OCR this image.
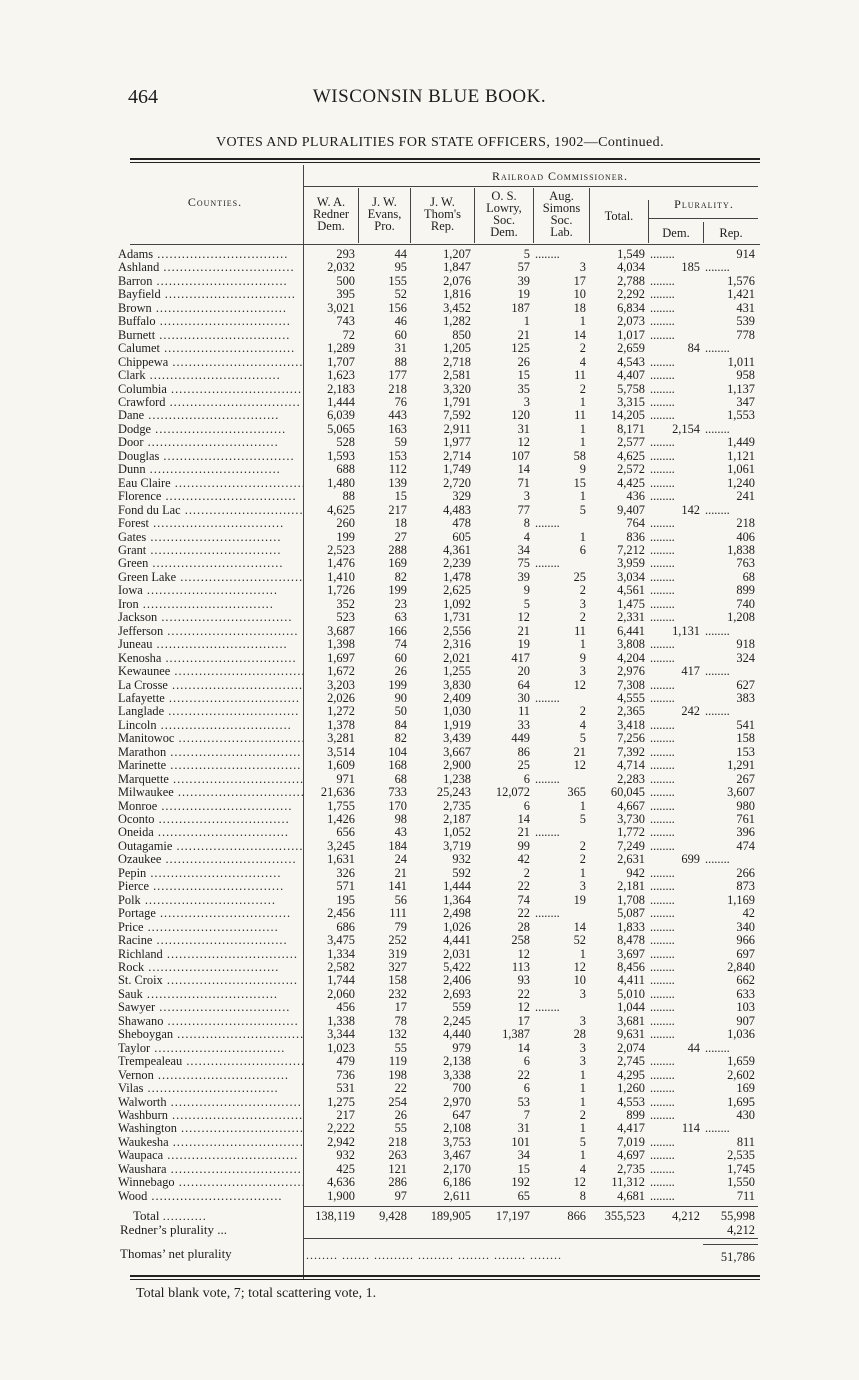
464	WISCONSIN BLUE BOOK.
VOTES AND PLURALITIES FOR STATE OFFICERS, 1902—Continued.
Railroad Commissioner.
Counties.	W. A.
Redner
Dem.
J. W.
Evans,
Pro.
J. W.
Thom's
Rep.
O. S.
Lowry,
Soc.
Dem.
Aug.
Simons
Soc.
Lab.
Total.
Plurality.
Dem.	Rep.
Adams .....	293	44	1,207	5	........	1,549	........	914
Ashland .....	2,032	95	1,847	57	3	4,034	185	........
Barron .....	500	155	2,076	39	17	2,788	........	1,576
Bayfield .....	395	52	1,816	19	10	2,292	........	1,421
Brown .....	3,021	156	3,452	187	18	6,834	........	431
Buffalo .....	743	46	1,282	1	1	2,073	........	539
Burnett .....	72	60	850	21	14	1,017	........	778
Calumet .....	1,289	31	1,205	125	2	2,659	84	........
Chippewa .....	1,707	88	2,718	26	4	4,543	........	1,011
Clark .....	1,623	177	2,581	15	11	4,407	........	958
Columbia .....	2,183	218	3,320	35	2	5,758	........	1,137
Crawford .....	1,444	76	1,791	3	1	3,315	........	347
Dane .....	6,039	443	7,592	120	11	14,205	........	1,553
Dodge .....	5,065	163	2,911	31	1	8,171	2,154	........
Door .....	528	59	1,977	12	1	2,577	........	1,449
Douglas .....	1,593	153	2,714	107	58	4,625	........	1,121
Dunn .....	688	112	1,749	14	9	2,572	........	1,061
Eau Claire .....	1,480	139	2,720	71	15	4,425	........	1,240
Florence .....	88	15	329	3	1	436	........	241
Fond du Lac .....	4,625	217	4,483	77	5	9,407	142	........
Forest .....	260	18	478	8	........	764	........	218
Gates .....	199	27	605	4	1	836	........	406
Grant .....	2,523	288	4,361	34	6	7,212	........	1,838
Green .....	1,476	169	2,239	75	........	3,959	........	763
Green Lake .....	1,410	82	1,478	39	25	3,034	........	68
Iowa .....	1,726	199	2,625	9	2	4,561	........	899
Iron .....	352	23	1,092	5	3	1,475	........	740
Jackson .....	523	63	1,731	12	2	2,331	........	1,208
Jefferson .....	3,687	166	2,556	21	11	6,441	1,131	........
Juneau .....	1,398	74	2,316	19	1	3,808	........	918
Kenosha .....	1,697	60	2,021	417	9	4,204	........	324
Kewaunee .....	1,672	26	1,255	20	3	2,976	417	........
La Crosse .....	3,203	199	3,830	64	12	7,308	........	627
Lafayette .....	2,026	90	2,409	30	........	4,555	........	383
Langlade .....	1,272	50	1,030	11	2	2,365	242	........
Lincoln .....	1,378	84	1,919	33	4	3,418	........	541
Manitowoc .....	3,281	82	3,439	449	5	7,256	........	158
Marathon .....	3,514	104	3,667	86	21	7,392	........	153
Marinette .....	1,609	168	2,900	25	12	4,714	........	1,291
Marquette .....	971	68	1,238	6	........	2,283	........	267
Milwaukee .....	21,636	733	25,243	12,072	365	60,045	........	3,607
Monroe .....	1,755	170	2,735	6	1	4,667	........	980
Oconto .....	1,426	98	2,187	14	5	3,730	........	761
Oneida .....	656	43	1,052	21	........	1,772	........	396
Outagamie .....	3,245	184	3,719	99	2	7,249	........	474
Ozaukee .....	1,631	24	932	42	2	2,631	699	........
Pepin .....	326	21	592	2	1	942	........	266
Pierce .....	571	141	1,444	22	3	2,181	........	873
Polk .....	195	56	1,364	74	19	1,708	........	1,169
Portage .....	2,456	111	2,498	22	........	5,087	........	42
Price .....	686	79	1,026	28	14	1,833	........	340
Racine .....	3,475	252	4,441	258	52	8,478	........	966
Richland .....	1,334	319	2,031	12	1	3,697	........	697
Rock .....	2,582	327	5,422	113	12	8,456	........	2,840
St. Croix .....	1,744	158	2,406	93	10	4,411	........	662
Sauk .....	2,060	232	2,693	22	3	5,010	........	633
Sawyer .....	456	17	559	12	........	1,044	........	103
Shawano .....	1,338	78	2,245	17	3	3,681	........	907
Sheboygan .....	3,344	132	4,440	1,387	28	9,631	........	1,036
Taylor .....	1,023	55	979	14	3	2,074	44	........
Trempealeau .....	479	119	2,138	6	3	2,745	........	1,659
Vernon .....	736	198	3,338	22	1	4,295	........	2,602
Vilas .....	531	22	700	6	1	1,260	........	169
Walworth .....	1,275	254	2,970	53	1	4,553	........	1,695
Washburn .....	217	26	647	7	2	899	........	430
Washington .....	2,222	55	2,108	31	1	4,417	114	........
Waukesha .....	2,942	218	3,753	101	5	7,019	........	811
Waupaca .....	932	263	3,467	34	1	4,697	........	2,535
Waushara .....	425	121	2,170	15	4	2,735	........	1,745
Winnebago .....	4,636	286	6,186	192	12	11,312	........	1,550
Wood .....	1,900	97	2,611	65	8	4,681	........	711
Total ...........	138,119	9,428	189,905	17,197	866	355,523	4,212	55,998
Redner’s plurality ...	4,212
Thomas’ net plurality	........ ....... .......... ......... ........ ........ ........	51,786
Total blank vote, 7; total scattering vote, 1.
